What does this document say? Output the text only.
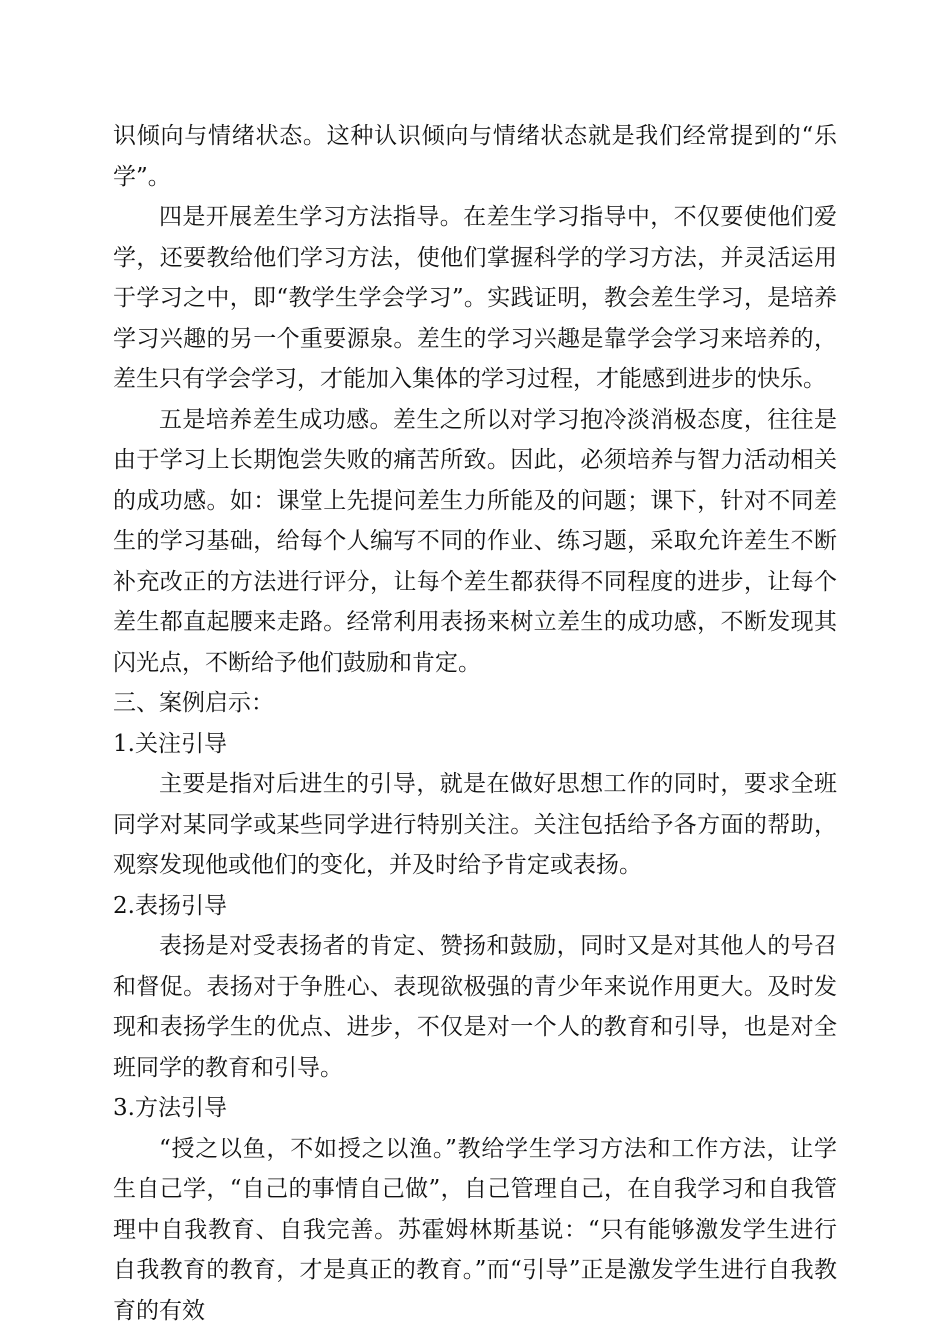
识倾向与情绪状态。这种认识倾向与情绪状态就是我们经常提到的“乐学”。

四是开展差生学习方法指导。在差生学习指导中，不仅要使他们爱学，还要教给他们学习方法，使他们掌握科学的学习方法，并灵活运用于学习之中，即“教学生学会学习”。实践证明，教会差生学习，是培养学习兴趣的另一个重要源泉。差生的学习兴趣是靠学会学习来培养的，差生只有学会学习，才能加入集体的学习过程，才能感到进步的快乐。

五是培养差生成功感。差生之所以对学习抱冷淡消极态度，往往是由于学习上长期饱尝失败的痛苦所致。因此，必须培养与智力活动相关的成功感。如：课堂上先提问差生力所能及的问题；课下，针对不同差生的学习基础，给每个人编写不同的作业、练习题，采取允许差生不断补充改正的方法进行评分，让每个差生都获得不同程度的进步，让每个差生都直起腰来走路。经常利用表扬来树立差生的成功感，不断发现其闪光点，不断给予他们鼓励和肯定。

三、案例启示：

1.关注引导

主要是指对后进生的引导，就是在做好思想工作的同时，要求全班同学对某同学或某些同学进行特别关注。关注包括给予各方面的帮助，观察发现他或他们的变化，并及时给予肯定或表扬。

2.表扬引导

表扬是对受表扬者的肯定、赞扬和鼓励，同时又是对其他人的号召和督促。表扬对于争胜心、表现欲极强的青少年来说作用更大。及时发现和表扬学生的优点、进步，不仅是对一个人的教育和引导，也是对全班同学的教育和引导。

3.方法引导

“授之以鱼，不如授之以渔。”教给学生学习方法和工作方法，让学生自己学，“自己的事情自己做”，自己管理自己，在自我学习和自我管理中自我教育、自我完善。苏霍姆林斯基说：“只有能够激发学生进行自我教育的教育，才是真正的教育。”而“引导”正是激发学生进行自我教育的有效
